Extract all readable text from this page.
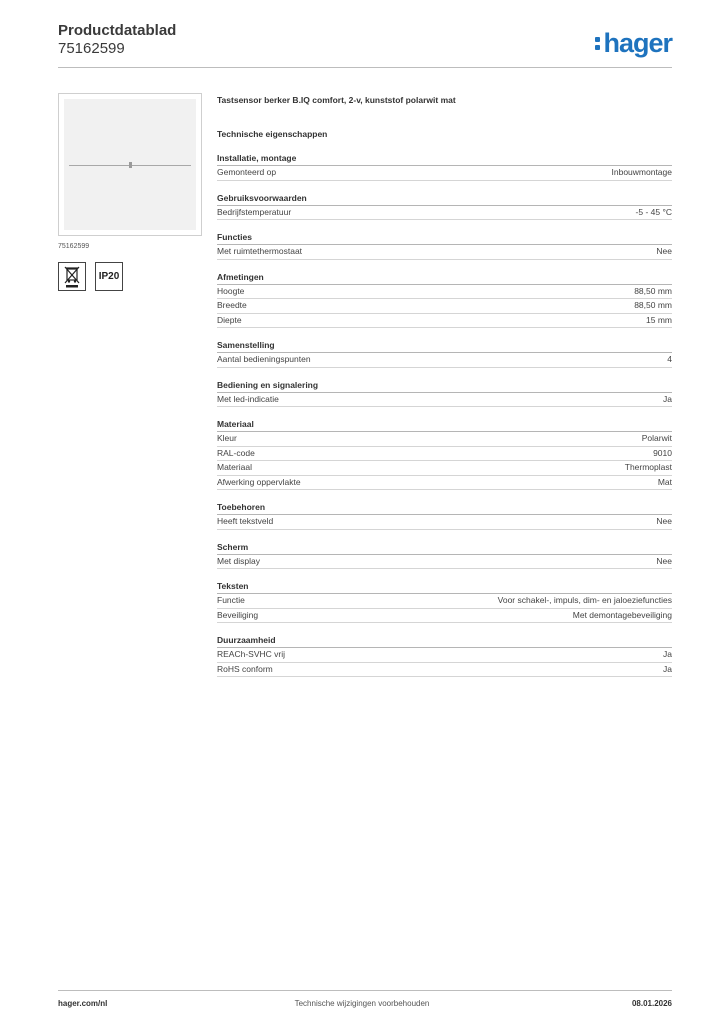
Productdatablad
75162599	hager
75162599
IP20
Tastsensor berker B.IQ comfort, 2-v, kunststof polarwit mat
Technische eigenschappen
Installatie, montage
Gemonteerd op	Inbouwmontage
Gebruiksvoorwaarden
Bedrijfstemperatuur	-5 - 45 °C
Functies
Met ruimtethermostaat	Nee
Afmetingen
Hoogte	88,50 mm
Breedte	88,50 mm
Diepte	15 mm
Samenstelling
Aantal bedieningspunten	4
Bediening en signalering
Met led-indicatie	Ja
Materiaal
Kleur	Polarwit
RAL-code	9010
Materiaal	Thermoplast
Afwerking oppervlakte	Mat
Toebehoren
Heeft tekstveld	Nee
Scherm
Met display	Nee
Teksten
Functie	Voor schakel-, impuls, dim- en jaloeziefuncties
Beveiliging	Met demontagebeveiliging
Duurzaamheid
REACh-SVHC vrij	Ja
RoHS conform	Ja
hager.com/nl	Technische wijzigingen voorbehouden	08.01.2026
